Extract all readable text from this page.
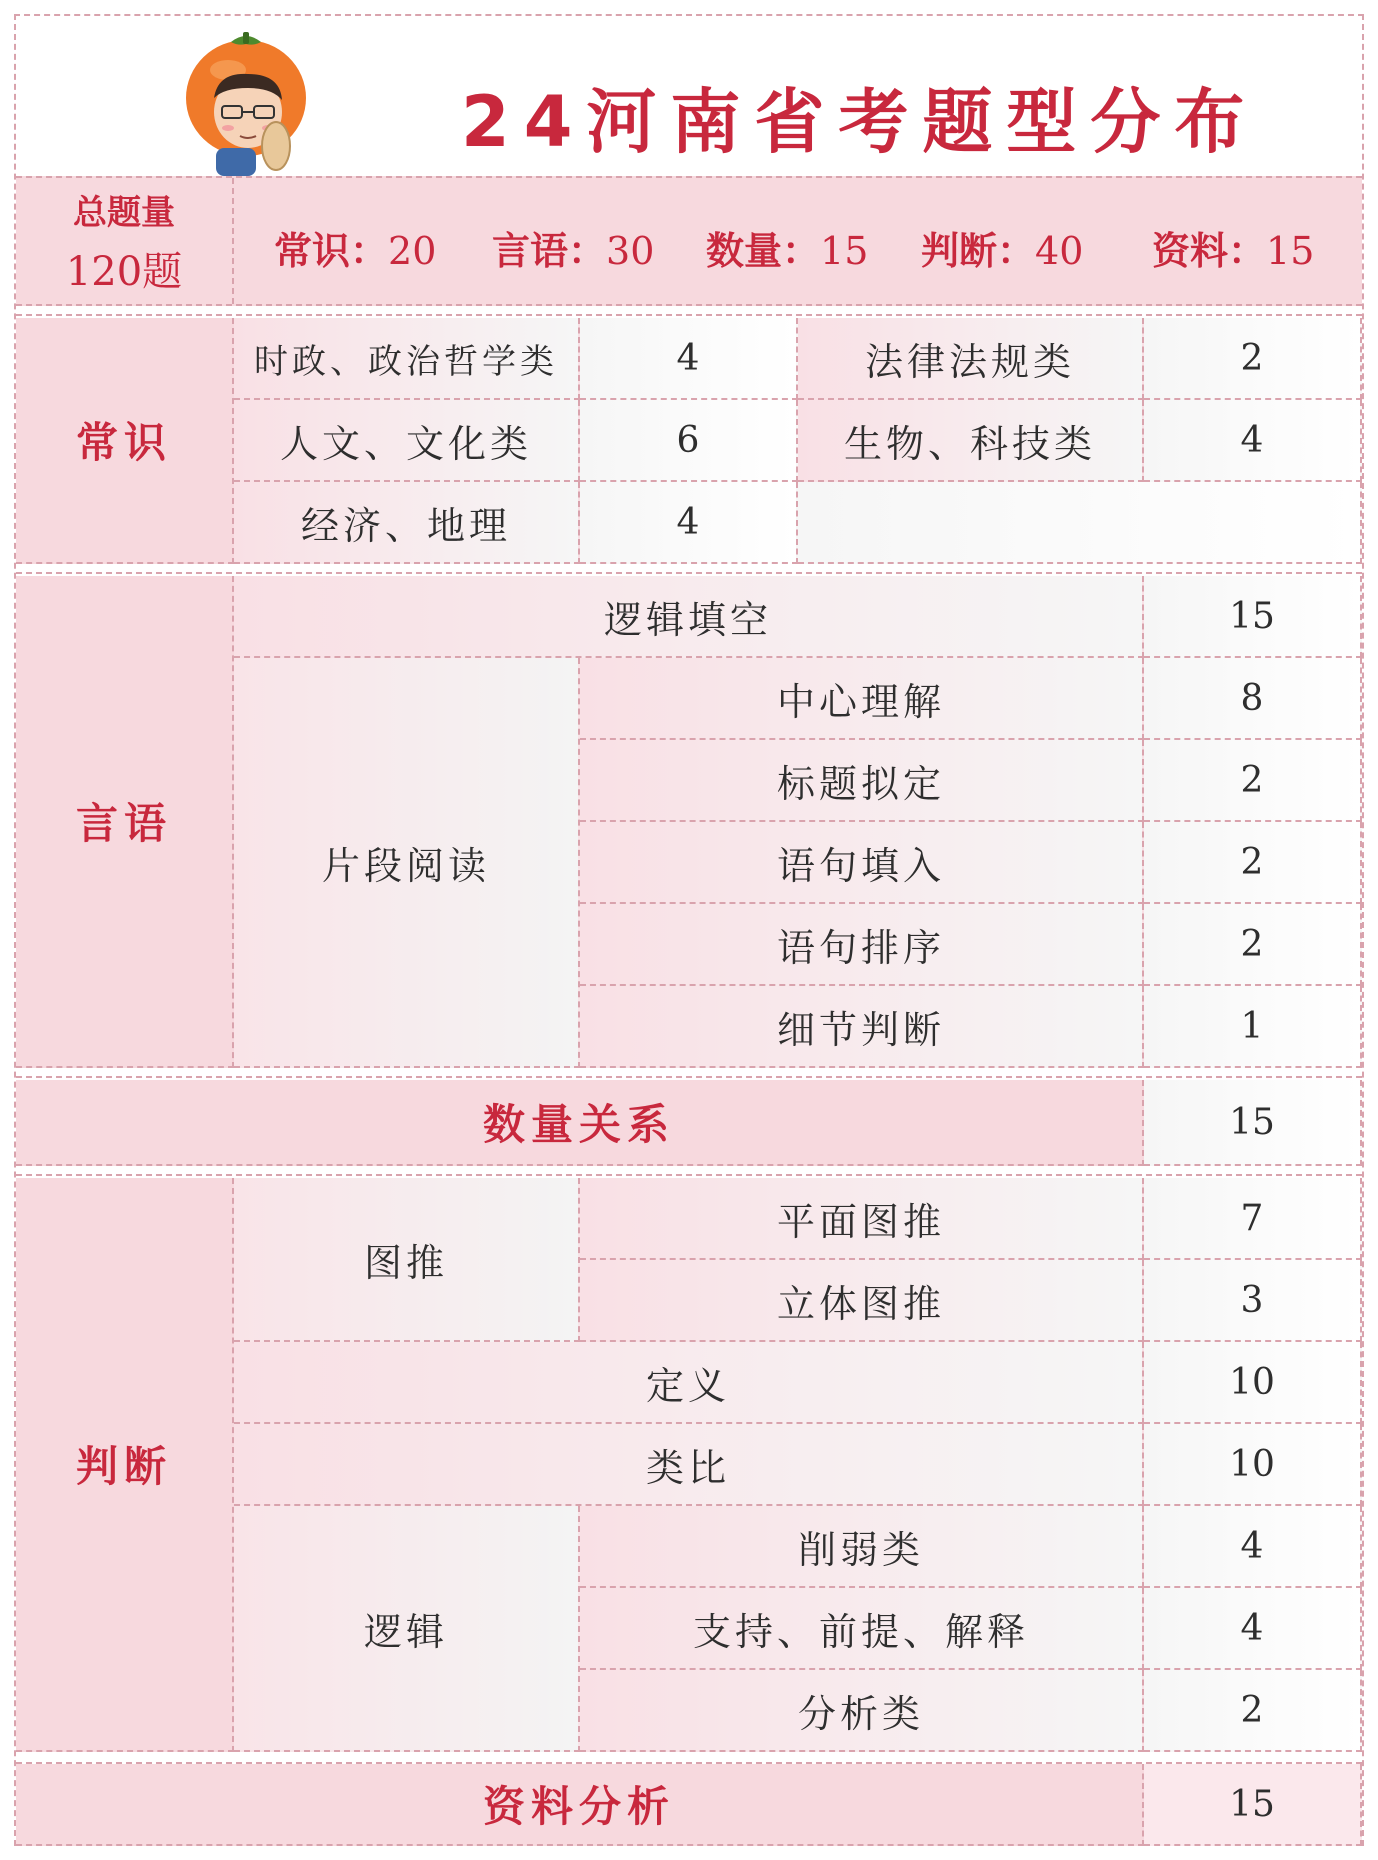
24河南省考题型分布
总题量
120题 常识：20 言语：30 数量：15 判断：40 资料：15
常识
时政、政治哲学类	4	法律法规类	2
人文、文化类	6	生物、科技类	4
经济、地理	4
言语
逻辑填空	15
片段阅读
中心理解	8
标题拟定	2
语句填入	2
语句排序	2
细节判断	1
数量关系	15
判断
图推
平面图推	7
立体图推	3
定义	10
类比	10
逻辑
削弱类	4
支持、前提、解释	4
分析类	2
资料分析	15
